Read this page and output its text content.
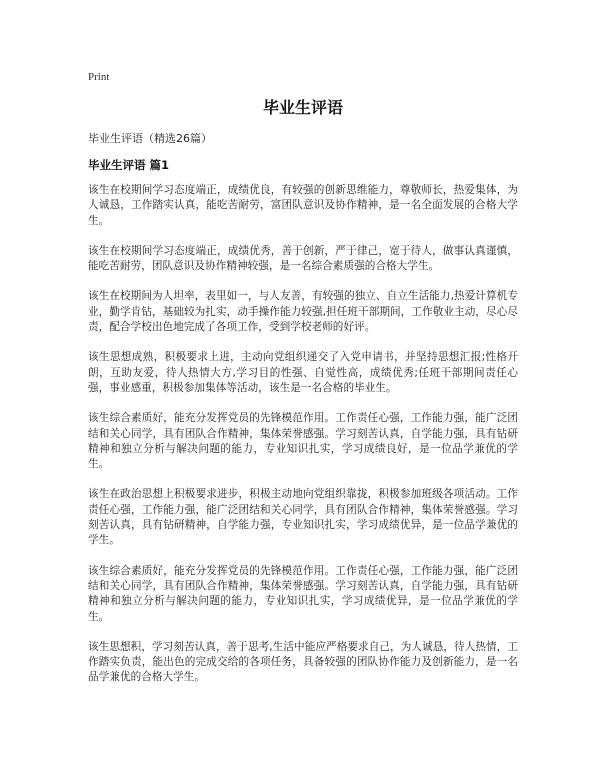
Print
毕业生评语
毕业生评语（精选26篇）
毕业生评语 篇1

该生在校期间学习态度端正，成绩优良，有较强的创新思维能力，尊敬师长，热爱集体，为人诚恳，工作踏实认真，能吃苦耐劳，富团队意识及协作精神，是一名全面发展的合格大学生。

该生在校期间学习态度端正，成绩优秀，善于创新，严于律己，宽于待人，做事认真谨慎，能吃苦耐劳，团队意识及协作精神较强，是一名综合素质强的合格大学生。

该生在校期间为人坦率，表里如一，与人友善，有较强的独立、自立生活能力,热爱计算机专业，勤学肯钻，基础较为扎实，动手操作能力较强,担任班干部期间，工作敬业主动，尽心尽责，配合学校出色地完成了各项工作，受到学校老师的好评。

该生思想成熟，积极要求上进，主动向党组织递交了入党申请书，并坚持思想汇报;性格开朗，互助友爱，待人热情大方,学习目的性强、自觉性高，成绩优秀;任班干部期间责任心强，事业感重，积极参加集体等活动，该生是一名合格的毕业生。

该生综合素质好，能充分发挥党员的先锋模范作用。工作责任心强，工作能力强，能广泛团结和关心同学，具有团队合作精神，集体荣誉感强。学习刻苦认真，自学能力强，具有钻研精神和独立分析与解决问题的能力，专业知识扎实，学习成绩良好，是一位品学兼优的学生。

该生在政治思想上积极要求进步，积极主动地向党组织靠拢，积极参加班级各项活动。工作责任心强，工作能力强，能广泛团结和关心同学，具有团队合作精神，集体荣誉感强。学习刻苦认真，具有钻研精神，自学能力强，专业知识扎实，学习成绩优异，是一位品学兼优的学生。

该生综合素质好，能充分发挥党员的先锋模范作用。工作责任心强，工作能力强，能广泛团结和关心同学，具有团队合作精神，集体荣誉感强。学习刻苦认真，自学能力强，具有钻研精神和独立分析与解决问题的能力，专业知识扎实，学习成绩优异，是一位品学兼优的学生。

该生思想积，学习刻苦认真，善于思考,生活中能应严格要求自己，为人诚恳，待人热情，工作踏实负责，能出色的完成交给的各项任务，具备较强的团队协作能力及创新能力，是一名品学兼优的合格大学生。
